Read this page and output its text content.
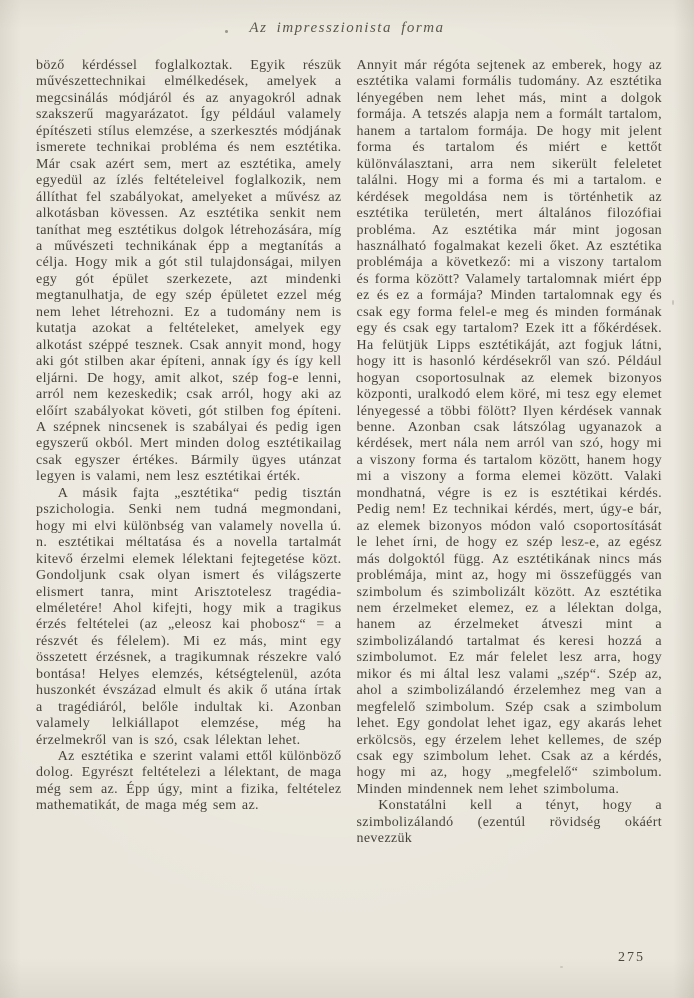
Az impresszionista forma

böző kérdéssel foglalkoztak. Egyik részük művészettechnikai elmélkedések, amelyek a megcsinálás módjáról és az anyagokról adnak szakszerű magyarázatot. Így például valamely építészeti stílus elemzése, a szerkesztés módjának ismerete technikai probléma és nem esztétika. Már csak azért sem, mert az esztétika, amely egyedül az ízlés feltételeivel foglalkozik, nem állíthat fel szabályokat, amelyeket a művész az alkotásban kövessen. Az esztétika senkit nem taníthat meg esztétikus dolgok létrehozására, míg a művészeti technikának épp a megtanítás a célja. Hogy mik a gót stil tulajdonságai, milyen egy gót épület szerkezete, azt mindenki megtanulhatja, de egy szép épületet ezzel még nem lehet létrehozni. Ez a tudomány nem is kutatja azokat a feltételeket, amelyek egy alkotást széppé tesznek. Csak annyit mond, hogy aki gót stilben akar építeni, annak így és így kell eljárni. De hogy, amit alkot, szép fog-e lenni, arról nem kezeskedik; csak arról, hogy aki az előírt szabályokat követi, gót stilben fog építeni. A szépnek nincsenek is szabályai és pedig igen egyszerű okból. Mert minden dolog esztétikailag csak egyszer értékes. Bármily ügyes utánzat legyen is valami, nem lesz esztétikai érték.

A másik fajta „esztétika“ pedig tisztán pszichologia. Senki nem tudná megmondani, hogy mi elvi különbség van valamely novella ú. n. esztétikai méltatása és a novella tartalmát kitevő érzelmi elemek lélektani fejtegetése közt. Gondoljunk csak olyan ismert és világszerte elismert tanra, mint Arisztotelesz tragédia-elméletére! Ahol kifejti, hogy mik a tragikus érzés feltételei (az „eleosz kai phobosz“ = a részvét és félelem). Mi ez más, mint egy összetett érzésnek, a tragikumnak részekre való bontása! Helyes elemzés, kétségtelenül, azóta huszonkét évszázad elmult és akik ő utána írtak a tragédiáról, belőle indultak ki. Azonban valamely lelkiállapot elemzése, még ha érzelmekről van is szó, csak lélektan lehet.

Az esztétika e szerint valami ettől különböző dolog. Egyrészt feltételezi a lélektant, de maga még sem az. Épp úgy, mint a fizika, feltételez mathematikát, de maga még sem az.

Annyit már régóta sejtenek az emberek, hogy az esztétika valami formális tudomány. Az esztétika lényegében nem lehet más, mint a dolgok formája. A tetszés alapja nem a formált tartalom, hanem a tartalom formája. De hogy mit jelent forma és tartalom és miért e kettőt különválasztani, arra nem sikerült feleletet találni. Hogy mi a forma és mi a tartalom. e kérdések megoldása nem is történhetik az esztétika területén, mert általános filozófiai probléma. Az esztétika már mint jogosan használható fogalmakat kezeli őket. Az esztétika problémája a következő: mi a viszony tartalom és forma között? Valamely tartalomnak miért épp ez és ez a formája? Minden tartalomnak egy és csak egy forma felel-e meg és minden formának egy és csak egy tartalom? Ezek itt a főkérdések. Ha felütjük Lipps esztétikáját, azt fogjuk látni, hogy itt is hasonló kérdésekről van szó. Például hogyan csoportosulnak az elemek bizonyos központi, uralkodó elem köré, mi tesz egy elemet lényegessé a többi fölött? Ilyen kérdések vannak benne. Azonban csak látszólag ugyanazok a kérdések, mert nála nem arról van szó, hogy mi a viszony forma és tartalom között, hanem hogy mi a viszony a forma elemei között. Valaki mondhatná, végre is ez is esztétikai kérdés. Pedig nem! Ez technikai kérdés, mert, úgy-e bár, az elemek bizonyos módon való csoportosítását le lehet írni, de hogy ez szép lesz-e, az egész más dolgoktól függ. Az esztétikának nincs más problémája, mint az, hogy mi összefüggés van szimbolum és szimbolizált között. Az esztétika nem érzelmeket elemez, ez a lélektan dolga, hanem az érzelmeket átveszi mint a szimbolizálandó tartalmat és keresi hozzá a szimbolumot. Ez már felelet lesz arra, hogy mikor és mi által lesz valami „szép“. Szép az, ahol a szimbolizálandó érzelemhez meg van a megfelelő szimbolum. Szép csak a szimbolum lehet. Egy gondolat lehet igaz, egy akarás lehet erkölcsös, egy érzelem lehet kellemes, de szép csak egy szimbolum lehet. Csak az a kérdés, hogy mi az, hogy „megfelelő“ szimbolum. Minden mindennek nem lehet szimboluma.

Konstatálni kell a tényt, hogy a szimbolizálandó (ezentúl rövidség okáért nevezzük

275
